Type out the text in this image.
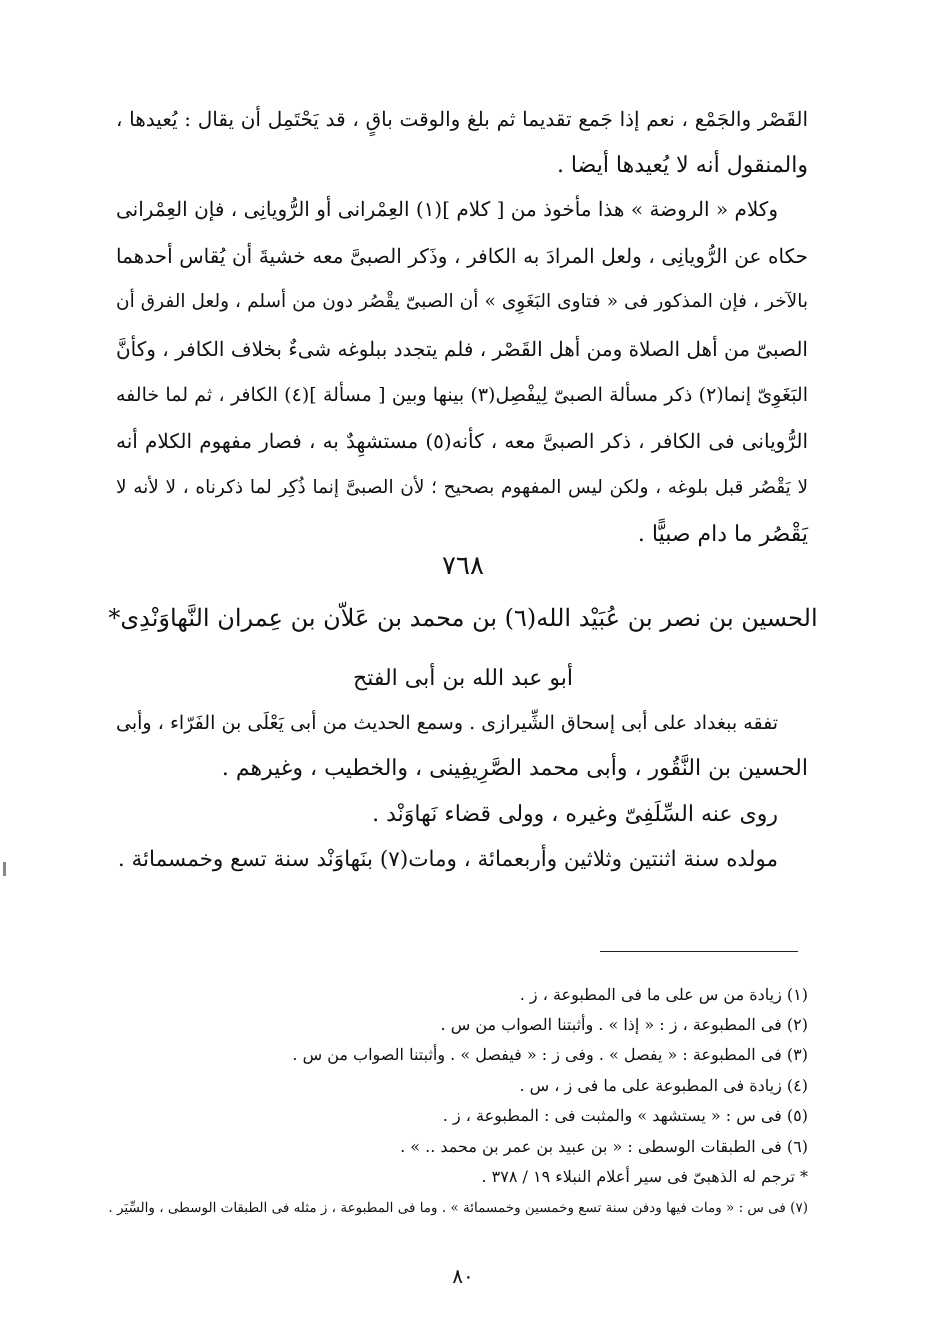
القَصْر والجَمْع ، نعم إذا جَمع تقديما ثم بلغ والوقت باقٍ ، قد يَحْتَمِل أن يقال : يُعيدها ،
والمنقول أنه لا يُعيدها أيضا .
وكلام « الروضة » هذا مأخوذ من [ كلام ](١) العِمْرانى أو الرُّويانِى ، فإن العِمْرانى
حكاه عن الرُّويانِى ، ولعل المرادَ به الكافر ، وذَكر الصبىَّ معه خشيةَ أن يُقاس أحدهما
بالآخر ، فإن المذكور فى « فتاوى البَغَوِى » أن الصبىّ يقْصُر دون من أسلم ، ولعل الفرق أن
الصبىّ من أهل الصلاة ومن أهل القَصْر ، فلم يتجدد ببلوغه شىءٌ بخلاف الكافر ، وكأنَّ
البَغَوِىّ إنما(٢) ذكر مسألة الصبىّ لِيفْصِل(٣) بينها وبين [ مسألة ](٤) الكافر ، ثم لما خالفه
الرُّويانى فى الكافر ، ذكر الصبىَّ معه ، كأنه(٥) مستشهِدٌ به ، فصار مفهوم الكلام أنه
لا يَقْصُر قبل بلوغه ، ولكن ليس المفهوم بصحيح ؛ لأن الصبىَّ إنما ذُكِر لما ذكرناه ، لا لأنه لا
يَقْصُر ما دام صبيًّا .
٧٦٨
الحسين بن نصر بن عُبَيْد الله(٦) بن محمد بن عَلاّن بن عِمران النَّهاوَنْدِى*
أبو عبد الله بن أبى الفتح
تفقه ببغداد على أبى إسحاق الشِّيرازى . وسمع الحديث من أبى يَعْلَى بن الفَرّاء ، وأبى
الحسين بن النَّقُور ، وأبى محمد الصَّرِيفِينى ، والخطيب ، وغيرهم .
روى عنه السِّلَفِىّ وغيره ، وولى قضاء نَهاوَنْد .
مولده سنة اثنتين وثلاثين وأربعمائة ، ومات(٧) بنَهاوَنْد سنة تسع وخمسمائة .
(١) زيادة من س على ما فى المطبوعة ، ز .
(٢) فى المطبوعة ، ز : « إذا » . وأثبتنا الصواب من س .
(٣) فى المطبوعة : « يفصل » . وفى ز : « فيفصل » . وأثبتنا الصواب من س .
(٤) زيادة فى المطبوعة على ما فى ز ، س .
(٥) فى س : « يستشهد » والمثبت فى : المطبوعة ، ز .
(٦) فى الطبقات الوسطى : « بن عبيد بن عمر بن محمد .. » .
* ترجم له الذهبىّ فى سير أعلام النبلاء ١٩ / ٣٧٨ .
(٧) فى س : « ومات فيها ودفن سنة تسع وخمسين وخمسمائة » . وما فى المطبوعة ، ز مثله فى الطبقات الوسطى ، والسِّيَر .
٨٠
